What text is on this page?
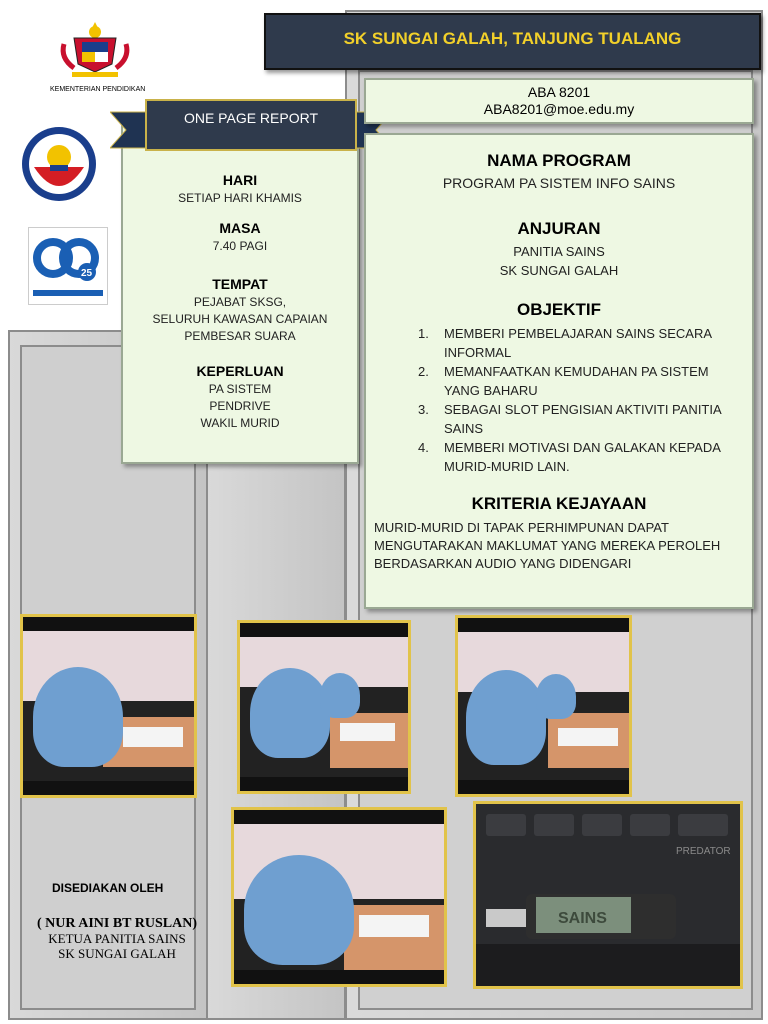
SK SUNGAI GALAH, TANJUNG TUALANG
KEMENTERIAN PENDIDIKAN
25
HARI
SETIAP HARI KHAMIS
MASA
7.40 PAGI
TEMPAT
PEJABAT SKSG,
SELURUH KAWASAN CAPAIAN
PEMBESAR SUARA
KEPERLUAN
PA SISTEM
PENDRIVE
WAKIL MURID
ONE PAGE REPORT
ABA 8201
ABA8201@moe.edu.my
NAMA PROGRAM
PROGRAM PA SISTEM INFO SAINS
ANJURAN
PANITIA SAINS
SK SUNGAI GALAH
OBJEKTIF
1.	MEMBERI PEMBELAJARAN SAINS SECARA
INFORMAL
2.	MEMANFAATKAN KEMUDAHAN PA SISTEM
YANG BAHARU
3.	SEBAGAI SLOT PENGISIAN AKTIVITI PANITIA
SAINS
4.	MEMBERI MOTIVASI DAN GALAKAN KEPADA
MURID-MURID LAIN.
KRITERIA KEJAYAAN
MURID-MURID DI TAPAK PERHIMPUNAN DAPAT
MENGUTARAKAN MAKLUMAT YANG MEREKA PEROLEH
BERDASARKAN AUDIO YANG DIDENGARI
PREDATOR
SAINS
DISEDIAKAN OLEH
( NUR AINI BT RUSLAN)
KETUA PANITIA SAINS
SK SUNGAI GALAH
